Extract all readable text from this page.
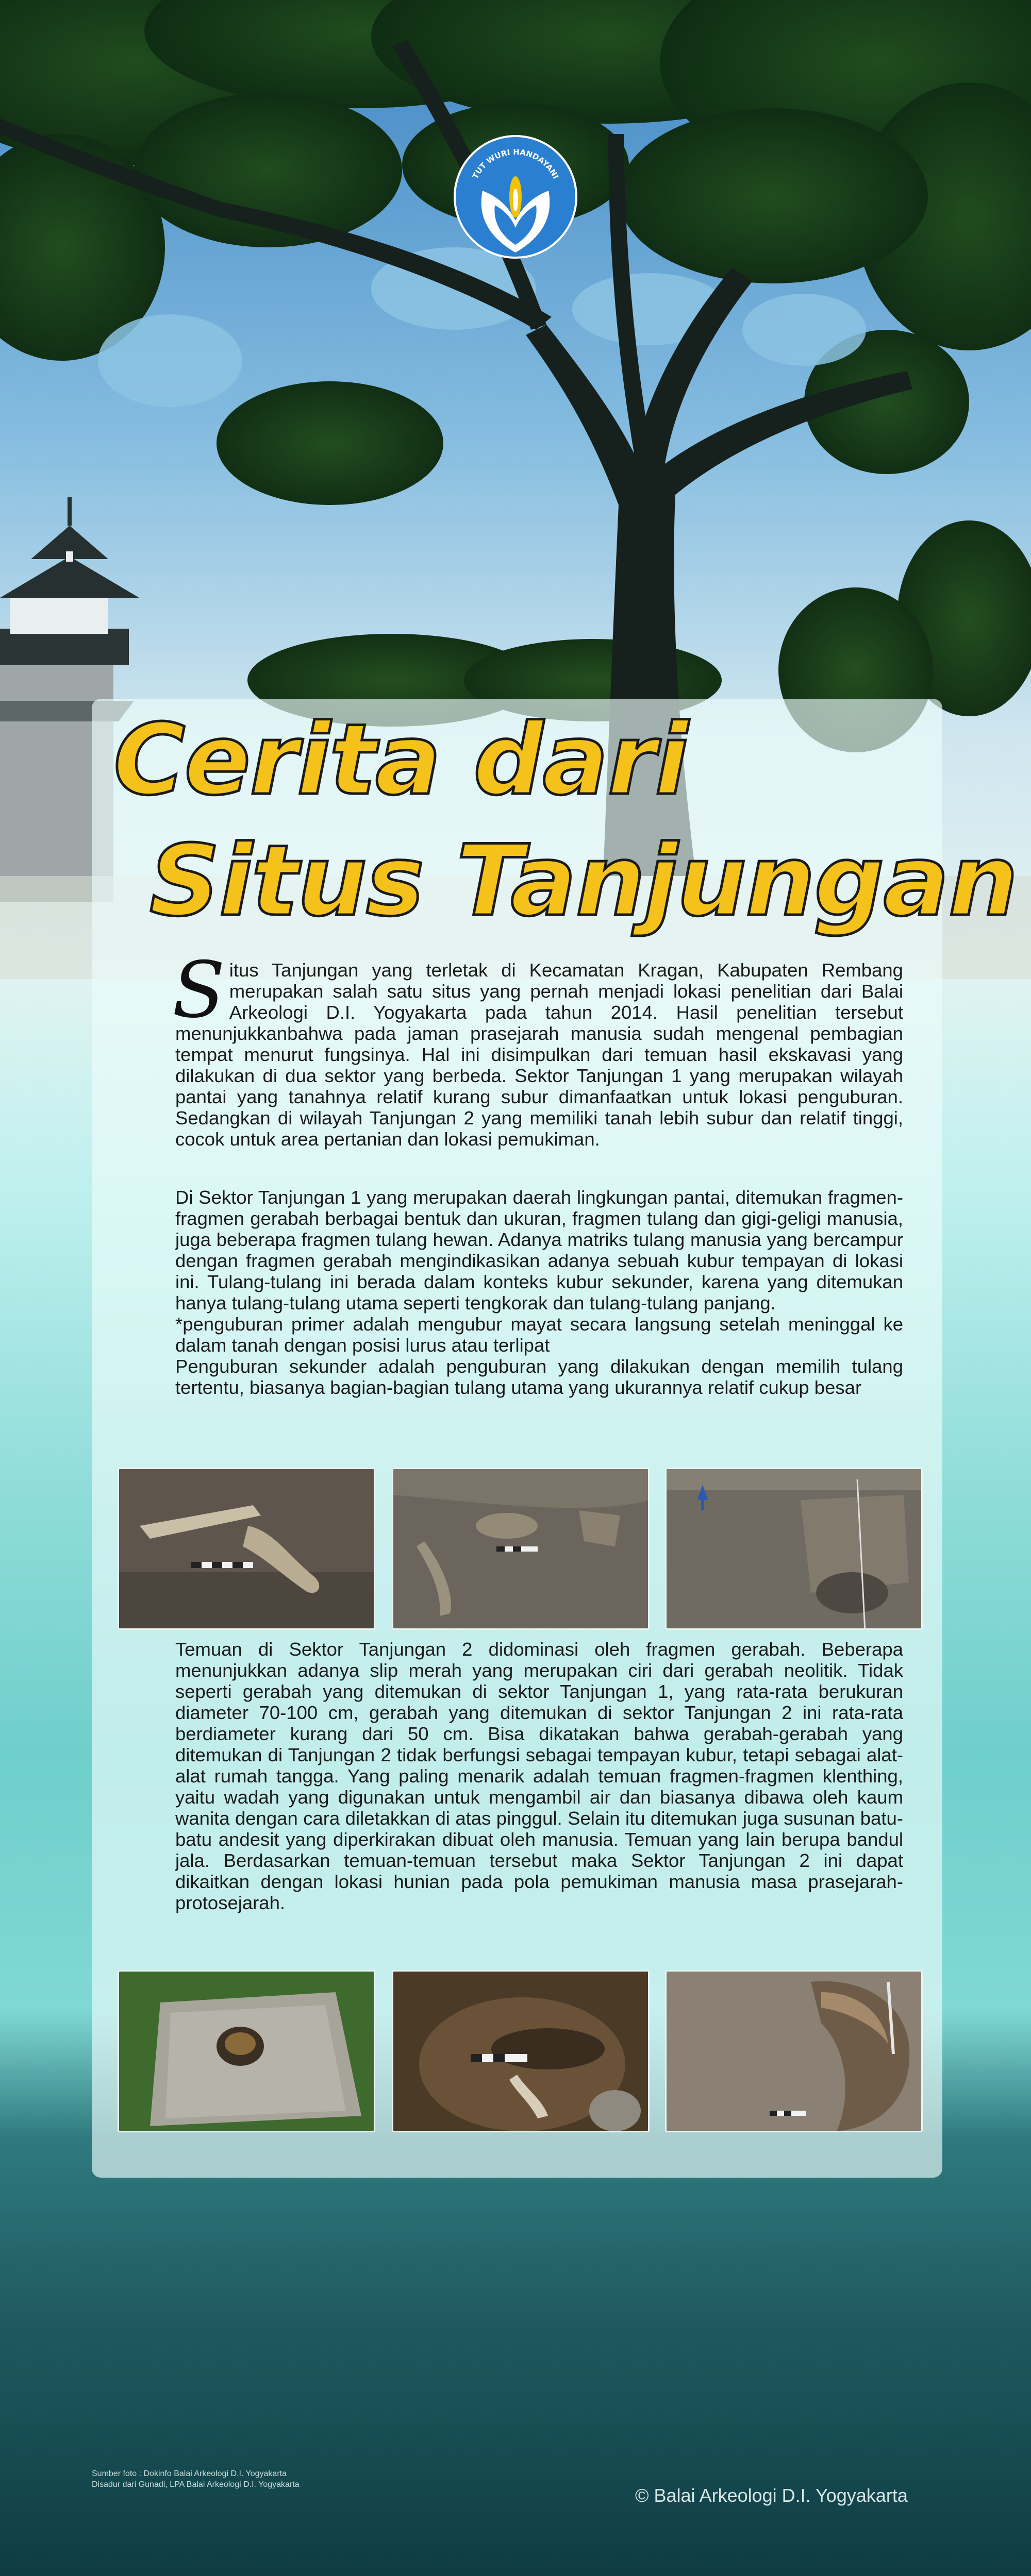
TUT WURI HANDAYANI
Cerita dari
Situs Tanjungan

Situs Tanjungan yang terletak di Kecamatan Kragan, Kabupaten Rembang merupakan salah satu situs yang pernah menjadi lokasi penelitian dari Balai Arkeologi D.I. Yogyakarta pada tahun 2014. Hasil penelitian tersebut menunjukkanbahwa pada jaman prasejarah manusia sudah mengenal pembagian tempat menurut fungsinya. Hal ini disimpulkan dari temuan hasil ekskavasi yang dilakukan di dua sektor yang berbeda. Sektor Tanjungan 1 yang merupakan wilayah pantai yang tanahnya relatif kurang subur dimanfaatkan untuk lokasi penguburan. Sedangkan di wilayah Tanjungan 2 yang memiliki tanah lebih subur dan relatif tinggi, cocok untuk area pertanian dan lokasi pemukiman.

Di Sektor Tanjungan 1 yang merupakan daerah lingkungan pantai, ditemukan fragmen-fragmen gerabah berbagai bentuk dan ukuran, fragmen tulang dan gigi-geligi manusia, juga beberapa fragmen tulang hewan. Adanya matriks tulang manusia yang bercampur dengan fragmen gerabah mengindikasikan adanya sebuah kubur tempayan di lokasi ini. Tulang-tulang ini berada dalam konteks kubur sekunder, karena yang ditemukan hanya tulang-tulang utama seperti tengkorak dan tulang-tulang panjang.
*penguburan primer adalah mengubur mayat secara langsung setelah meninggal ke dalam tanah dengan posisi lurus atau terlipat
Penguburan sekunder adalah penguburan yang dilakukan dengan memilih tulang tertentu, biasanya bagian-bagian tulang utama yang ukurannya relatif cukup besar

Temuan di Sektor Tanjungan 2 didominasi oleh fragmen gerabah. Beberapa menunjukkan adanya slip merah yang merupakan ciri dari gerabah neolitik. Tidak seperti gerabah yang ditemukan di sektor Tanjungan 1, yang rata-rata berukuran diameter 70-100 cm, gerabah yang ditemukan di sektor Tanjungan 2 ini rata-rata berdiameter kurang dari 50 cm. Bisa dikatakan bahwa gerabah-gerabah yang ditemukan di Tanjungan 2 tidak berfungsi sebagai tempayan kubur, tetapi sebagai alat-alat rumah tangga. Yang paling menarik adalah temuan fragmen-fragmen klenthing, yaitu wadah yang digunakan untuk mengambil air dan biasanya dibawa oleh kaum wanita dengan cara diletakkan di atas pinggul. Selain itu ditemukan juga susunan batu-batu andesit yang diperkirakan dibuat oleh manusia. Temuan yang lain berupa bandul jala. Berdasarkan temuan-temuan tersebut maka Sektor Tanjungan 2 ini dapat dikaitkan dengan lokasi hunian pada pola pemukiman manusia masa prasejarah-protosejarah.

Sumber foto : Dokinfo Balai Arkeologi D.I. Yogyakarta
Disadur dari Gunadi, LPA Balai Arkeologi D.I. Yogyakarta
© Balai Arkeologi D.I. Yogyakarta
